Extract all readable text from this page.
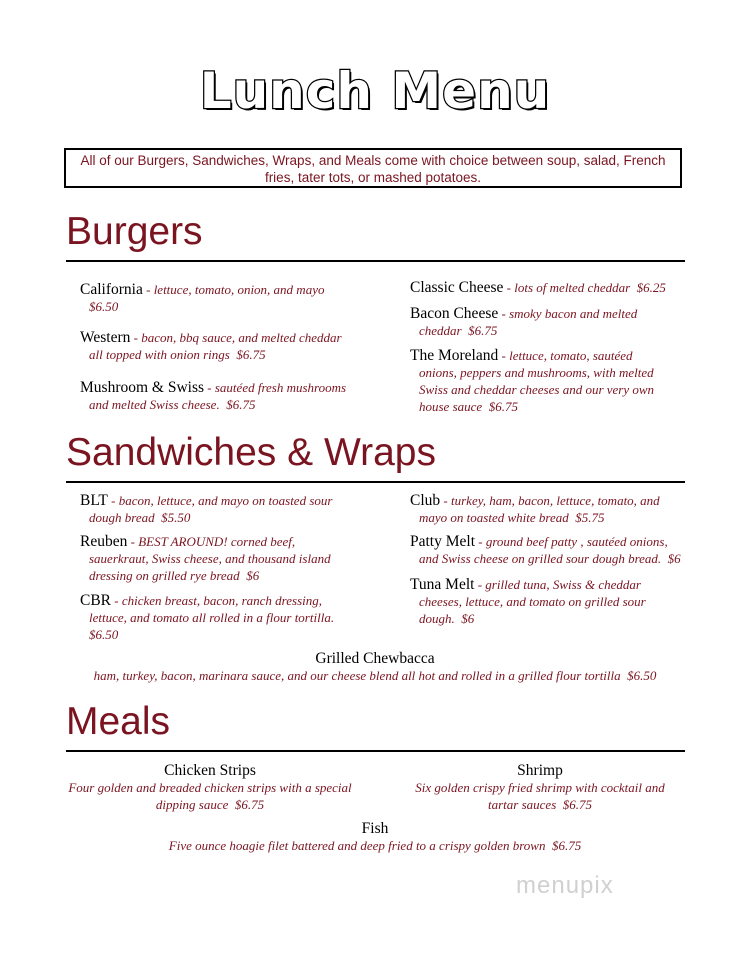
Lunch Menu
All of our Burgers, Sandwiches, Wraps, and Meals come with choice between soup, salad, French fries, tater tots, or mashed potatoes.
Burgers
California - lettuce, tomato, onion, and mayo
$6.50
Western - bacon, bbq sauce, and melted cheddar
all topped with onion rings $6.75
Mushroom & Swiss - sautéed fresh mushrooms
and melted Swiss cheese. $6.75
Classic Cheese - lots of melted cheddar $6.25
Bacon Cheese - smoky bacon and melted
cheddar $6.75
The Moreland - lettuce, tomato, sautéed
onions, peppers and mushrooms, with melted
Swiss and cheddar cheeses and our very own
house sauce $6.75
Sandwiches & Wraps
BLT - bacon, lettuce, and mayo on toasted sour
dough bread $5.50
Reuben - BEST AROUND! corned beef,
sauerkraut, Swiss cheese, and thousand island
dressing on grilled rye bread $6
CBR - chicken breast, bacon, ranch dressing,
lettuce, and tomato all rolled in a flour tortilla.
$6.50
Club - turkey, ham, bacon, lettuce, tomato, and
mayo on toasted white bread $5.75
Patty Melt - ground beef patty , sautéed onions,
and Swiss cheese on grilled sour dough bread. $6
Tuna Melt - grilled tuna, Swiss & cheddar
cheeses, lettuce, and tomato on grilled sour
dough. $6
Grilled Chewbacca
ham, turkey, bacon, marinara sauce, and our cheese blend all hot and rolled in a grilled flour tortilla $6.50
Meals
Chicken Strips
Four golden and breaded chicken strips with a special
dipping sauce $6.75
Shrimp
Six golden crispy fried shrimp with cocktail and
tartar sauces $6.75
Fish
Five ounce hoagie filet battered and deep fried to a crispy golden brown $6.75
menupix
